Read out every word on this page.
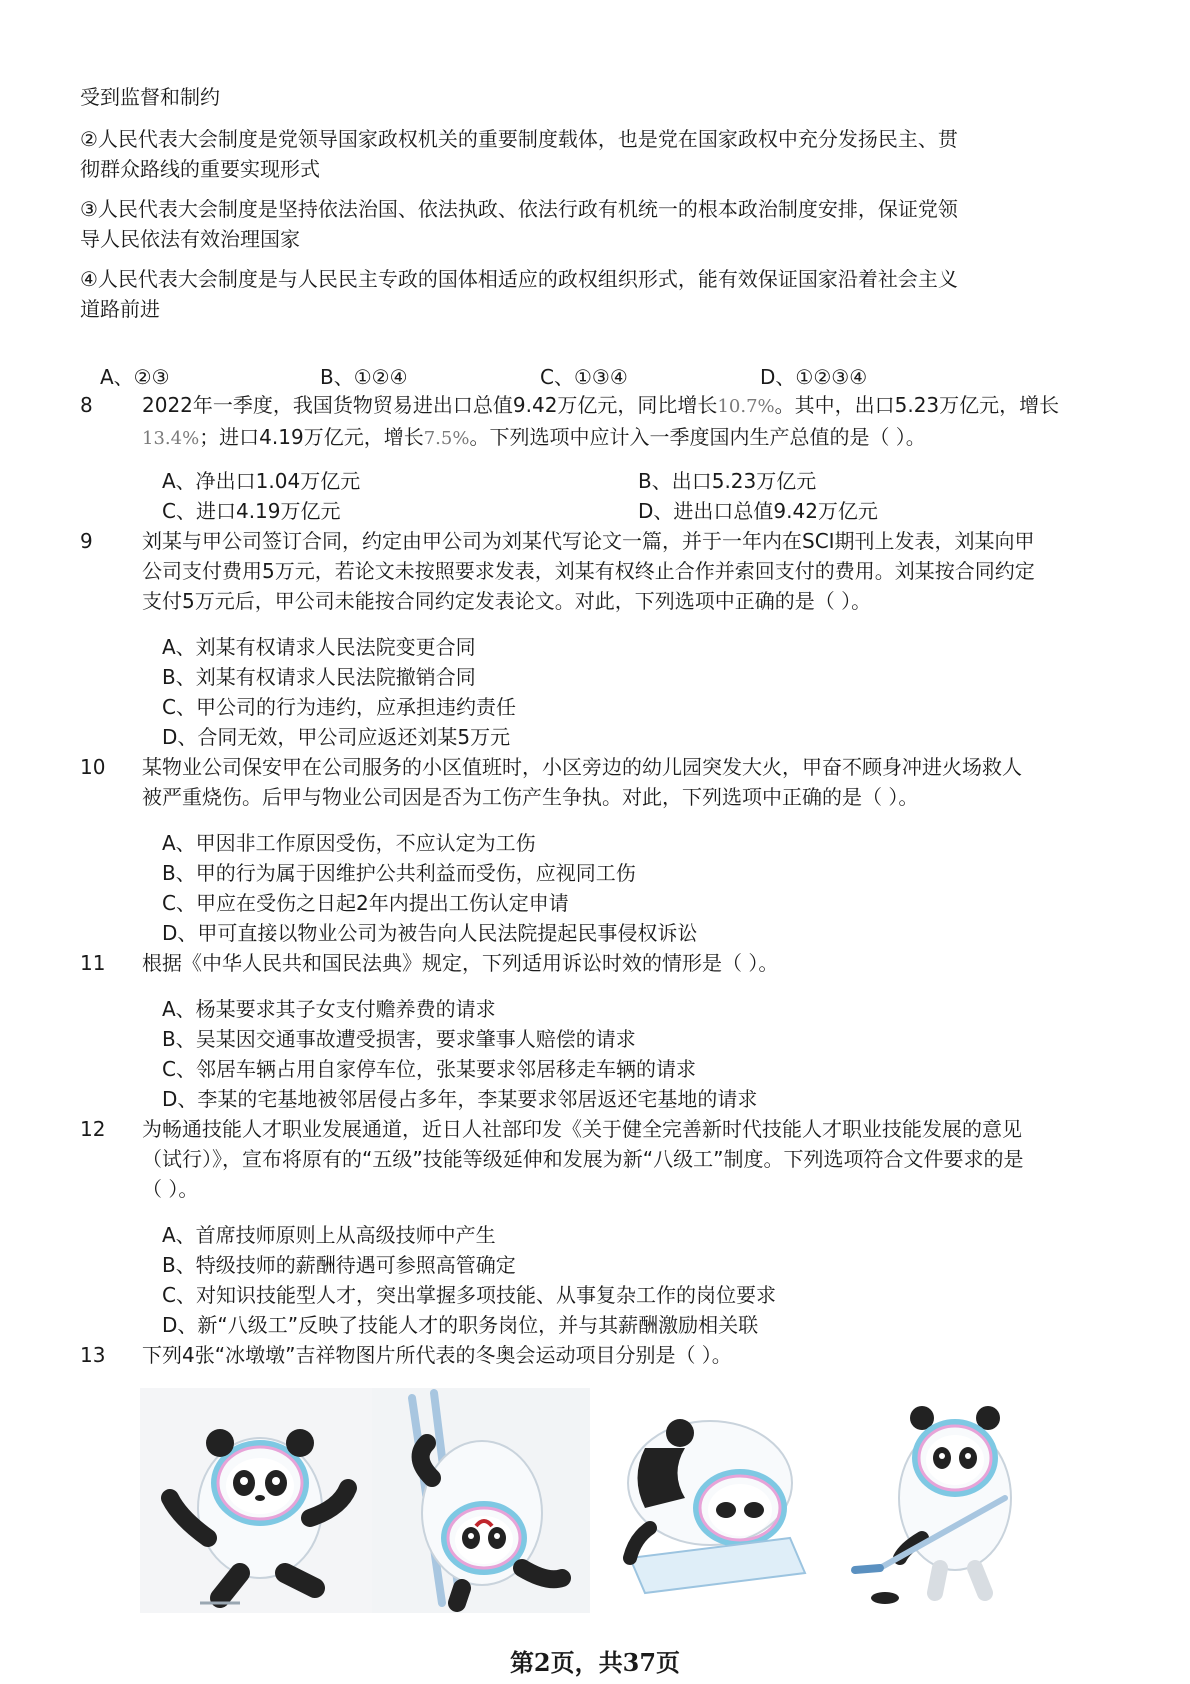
受到监督和制约
②人民代表大会制度是党领导国家政权机关的重要制度载体，也是党在国家政权中充分发扬民主、贯
彻群众路线的重要实现形式
③人民代表大会制度是坚持依法治国、依法执政、依法行政有机统一的根本政治制度安排，保证党领
导人民依法有效治理国家
④人民代表大会制度是与人民民主专政的国体相适应的政权组织形式，能有效保证国家沿着社会主义
道路前进
A、②③	B、①②④	C、①③④	D、①②③④
8	2022年一季度，我国货物贸易进出口总值9.42万亿元，同比增长10.7%。其中，出口5.23万亿元，增长
13.4%；进口4.19万亿元，增长7.5%。下列选项中应计入一季度国内生产总值的是（ ）。
A、净出口1.04万亿元	B、出口5.23万亿元
C、进口4.19万亿元	D、进出口总值9.42万亿元
9	刘某与甲公司签订合同，约定由甲公司为刘某代写论文一篇，并于一年内在SCI期刊上发表，刘某向甲
公司支付费用5万元，若论文未按照要求发表，刘某有权终止合作并索回支付的费用。刘某按合同约定
支付5万元后，甲公司未能按合同约定发表论文。对此，下列选项中正确的是（ ）。
A、刘某有权请求人民法院变更合同
B、刘某有权请求人民法院撤销合同
C、甲公司的行为违约，应承担违约责任
D、合同无效，甲公司应返还刘某5万元
10	某物业公司保安甲在公司服务的小区值班时，小区旁边的幼儿园突发大火，甲奋不顾身冲进火场救人
被严重烧伤。后甲与物业公司因是否为工伤产生争执。对此，下列选项中正确的是（ ）。
A、甲因非工作原因受伤，不应认定为工伤
B、甲的行为属于因维护公共利益而受伤，应视同工伤
C、甲应在受伤之日起2年内提出工伤认定申请
D、甲可直接以物业公司为被告向人民法院提起民事侵权诉讼
11	根据《中华人民共和国民法典》规定，下列适用诉讼时效的情形是（ ）。
A、杨某要求其子女支付赡养费的请求
B、吴某因交通事故遭受损害，要求肇事人赔偿的请求
C、邻居车辆占用自家停车位，张某要求邻居移走车辆的请求
D、李某的宅基地被邻居侵占多年，李某要求邻居返还宅基地的请求
12	为畅通技能人才职业发展通道，近日人社部印发《关于健全完善新时代技能人才职业技能发展的意见
（试行）》，宣布将原有的“五级”技能等级延伸和发展为新“八级工”制度。下列选项符合文件要求的是
（ ）。
A、首席技师原则上从高级技师中产生
B、特级技师的薪酬待遇可参照高管确定
C、对知识技能型人才，突出掌握多项技能、从事复杂工作的岗位要求
D、新“八级工”反映了技能人才的职务岗位，并与其薪酬激励相关联
13	下列4张“冰墩墩”吉祥物图片所代表的冬奥会运动项目分别是（ ）。
第2页，共37页
